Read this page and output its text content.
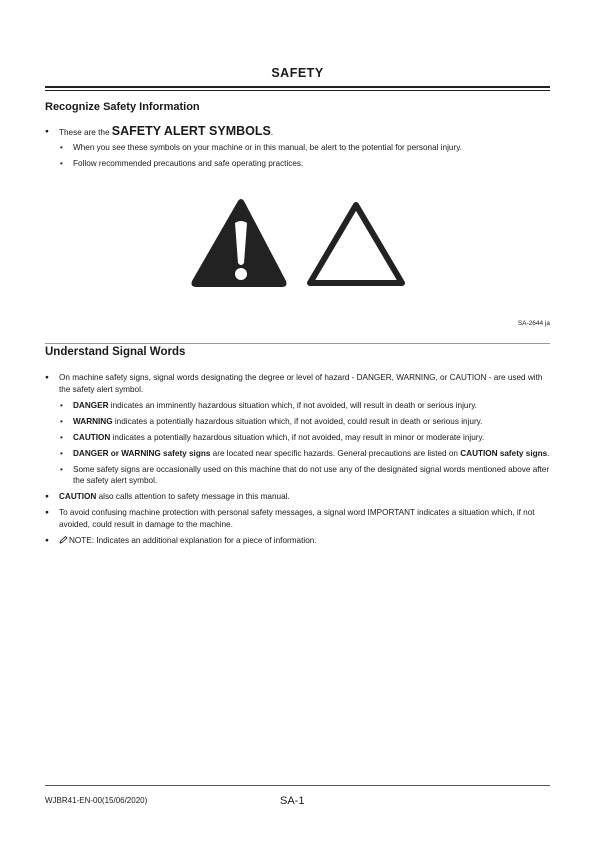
SAFETY
Recognize Safety Information
● These are the SAFETY ALERT SYMBOLS.
• When you see these symbols on your machine or in this manual, be alert to the potential for personal injury.
• Follow recommended precautions and safe operating practices.
SA-2644 ja
Understand Signal Words
● On machine safety signs, signal words designating the degree or level of hazard - DANGER, WARNING, or CAUTION - are used with the safety alert symbol.
• DANGER indicates an imminently hazardous situation which, if not avoided, will result in death or serious injury.
• WARNING indicates a potentially hazardous situation which, if not avoided, could result in death or serious injury.
• CAUTION indicates a potentially hazardous situation which, if not avoided, may result in minor or moderate injury.
• DANGER or WARNING safety signs are located near specific hazards. General precautions are listed on CAUTION safety signs.
• Some safety signs are occasionally used on this machine that do not use any of the designated signal words mentioned above after the safety alert symbol.
● CAUTION also calls attention to safety message in this manual.
● To avoid confusing machine protection with personal safety messages, a signal word IMPORTANT indicates a situation which, if not avoided, could result in damage to the machine.
● NOTE: Indicates an additional explanation for a piece of information.
WJBR41-EN-00(15/06/2020)	SA-1
